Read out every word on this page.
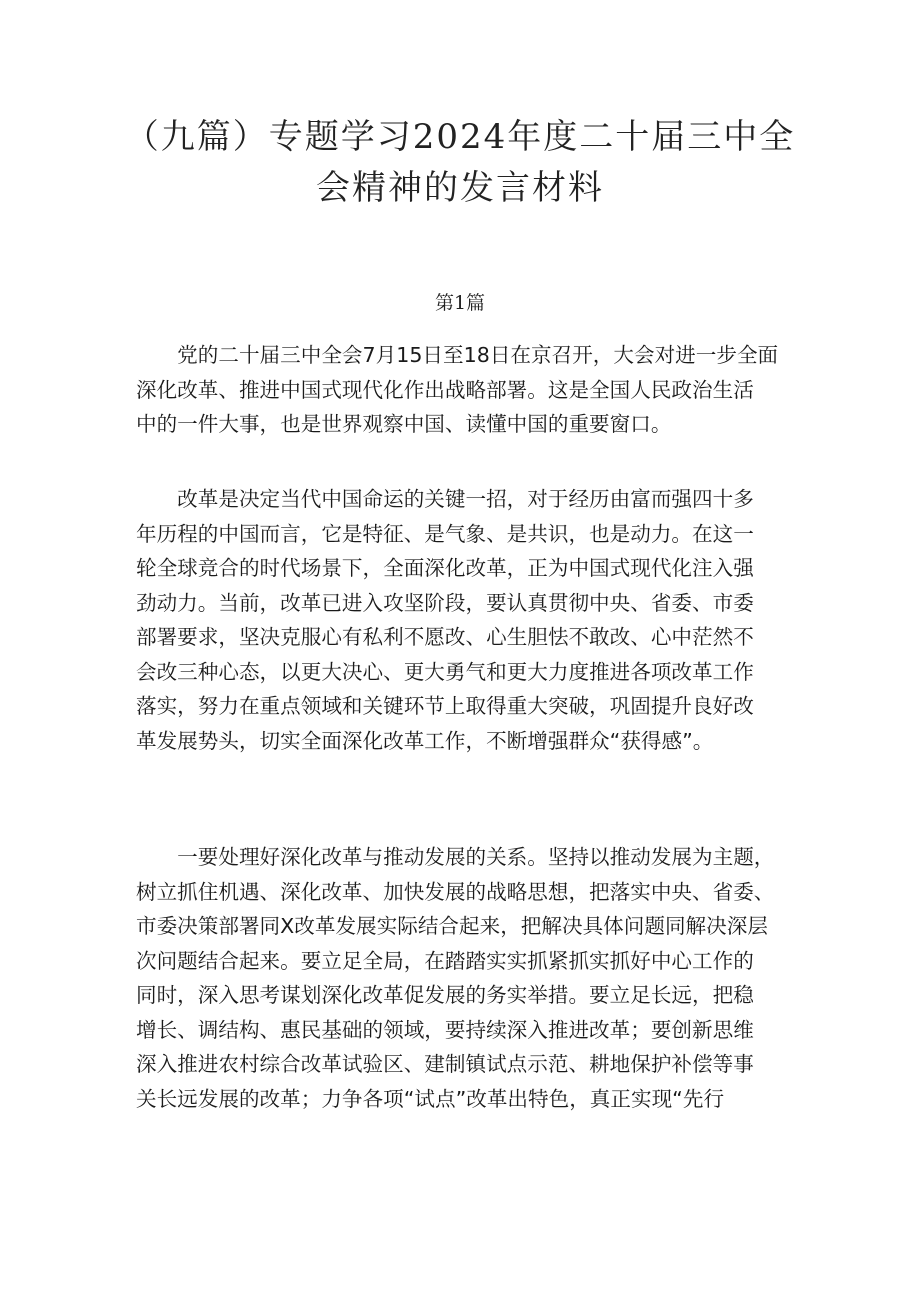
（九篇）专题学习2024年度二十届三中全
会精神的发言材料
第1篇

　　党的二十届三中全会7月15日至18日在京召开，大会对进一步全面
深化改革、推进中国式现代化作出战略部署。这是全国人民政治生活
中的一件大事，也是世界观察中国、读懂中国的重要窗口。

　　改革是决定当代中国命运的关键一招，对于经历由富而强四十多
年历程的中国而言，它是特征、是气象、是共识，也是动力。在这一
轮全球竞合的时代场景下，全面深化改革，正为中国式现代化注入强
劲动力。当前，改革已进入攻坚阶段，要认真贯彻中央、省委、市委
部署要求，坚决克服心有私利不愿改、心生胆怯不敢改、心中茫然不
会改三种心态，以更大决心、更大勇气和更大力度推进各项改革工作
落实，努力在重点领域和关键环节上取得重大突破，巩固提升良好改
革发展势头，切实全面深化改革工作，不断增强群众“获得感”。

　　一要处理好深化改革与推动发展的关系。坚持以推动发展为主题，
树立抓住机遇、深化改革、加快发展的战略思想，把落实中央、省委、
市委决策部署同X改革发展实际结合起来，把解决具体问题同解决深层
次问题结合起来。要立足全局，在踏踏实实抓紧抓实抓好中心工作的
同时，深入思考谋划深化改革促发展的务实举措。要立足长远，把稳
增长、调结构、惠民基础的领域，要持续深入推进改革；要创新思维
深入推进农村综合改革试验区、建制镇试点示范、耕地保护补偿等事
关长远发展的改革；力争各项“试点”改革出特色，真正实现“先行
